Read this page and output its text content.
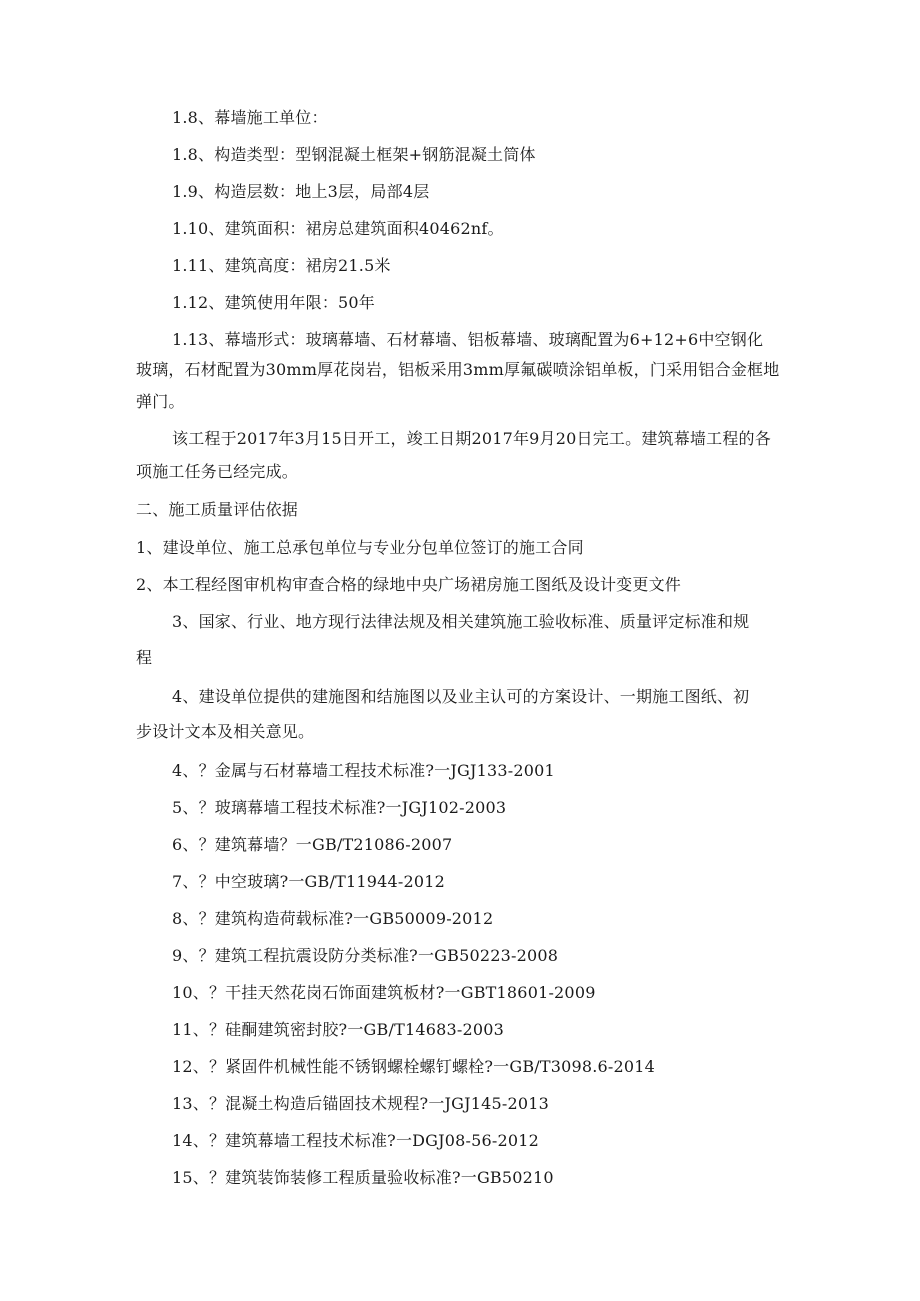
1.8、幕墙施工单位：
1.8、构造类型：型钢混凝土框架+钢筋混凝土筒体
1.9、构造层数：地上3层，局部4层
1.10、建筑面积：裙房总建筑面积40462nf。
1.11、建筑高度：裙房21.5米
1.12、建筑使用年限：50年
1.13、幕墙形式：玻璃幕墙、石材幕墙、铝板幕墙、玻璃配置为6+12+6中空钢化
玻璃，石材配置为30mm厚花岗岩，铝板采用3mm厚氟碳喷涂铝单板，门采用铝合金框地
弹门。
该工程于2017年3月15日开工，竣工日期2017年9月20日完工。建筑幕墙工程的各
项施工任务已经完成。
二、施工质量评估依据
1、建设单位、施工总承包单位与专业分包单位签订的施工合同
2、本工程经图审机构审查合格的绿地中央广场裙房施工图纸及设计变更文件
3、国家、行业、地方现行法律法规及相关建筑施工验收标准、质量评定标准和规
程
4、建设单位提供的建施图和结施图以及业主认可的方案设计、一期施工图纸、初
步设计文本及相关意见。
4、？金属与石材幕墙工程技术标准?一JGJ133-2001
5、？玻璃幕墙工程技术标准?一JGJ102-2003
6、？建筑幕墙？一GB/T21086-2007
7、？中空玻璃?一GB/T11944-2012
8、？建筑构造荷载标准?一GB50009-2012
9、？建筑工程抗震设防分类标准?一GB50223-2008
10、？干挂天然花岗石饰面建筑板材?一GBT18601-2009
11、？硅酮建筑密封胶?一GB/T14683-2003
12、？紧固件机械性能不锈钢螺栓螺钉螺栓?一GB/T3098.6-2014
13、？混凝土构造后锚固技术规程?一JGJ145-2013
14、？建筑幕墙工程技术标准?一DGJ08-56-2012
15、？建筑装饰装修工程质量验收标准?一GB50210
